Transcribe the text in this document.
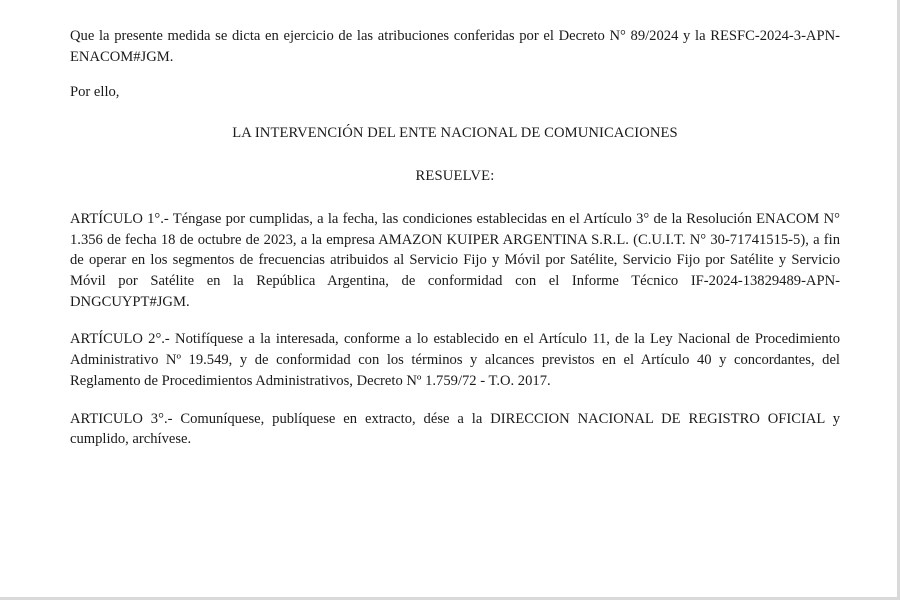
Que la presente medida se dicta en ejercicio de las atribuciones conferidas por el Decreto N° 89/2024 y la RESFC-2024-3-APN-ENACOM#JGM.

Por ello,

LA INTERVENCIÓN DEL ENTE NACIONAL DE COMUNICACIONES

RESUELVE:

ARTÍCULO 1°.- Téngase por cumplidas, a la fecha, las condiciones establecidas en el Artículo 3° de la Resolución ENACOM N° 1.356 de fecha 18 de octubre de 2023, a la empresa AMAZON KUIPER ARGENTINA S.R.L. (C.U.I.T. N° 30-71741515-5), a fin de operar en los segmentos de frecuencias atribuidos al Servicio Fijo y Móvil por Satélite, Servicio Fijo por Satélite y Servicio Móvil por Satélite en la República Argentina, de conformidad con el Informe Técnico IF-2024-13829489-APN-DNGCUYPT#JGM.

ARTÍCULO 2°.- Notifíquese a la interesada, conforme a lo establecido en el Artículo 11, de la Ley Nacional de Procedimiento Administrativo Nº 19.549, y de conformidad con los términos y alcances previstos en el Artículo 40 y concordantes, del Reglamento de Procedimientos Administrativos, Decreto Nº 1.759/72 - T.O. 2017.

ARTICULO 3°.- Comuníquese, publíquese en extracto, dése a la DIRECCION NACIONAL DE REGISTRO OFICIAL y cumplido, archívese.
